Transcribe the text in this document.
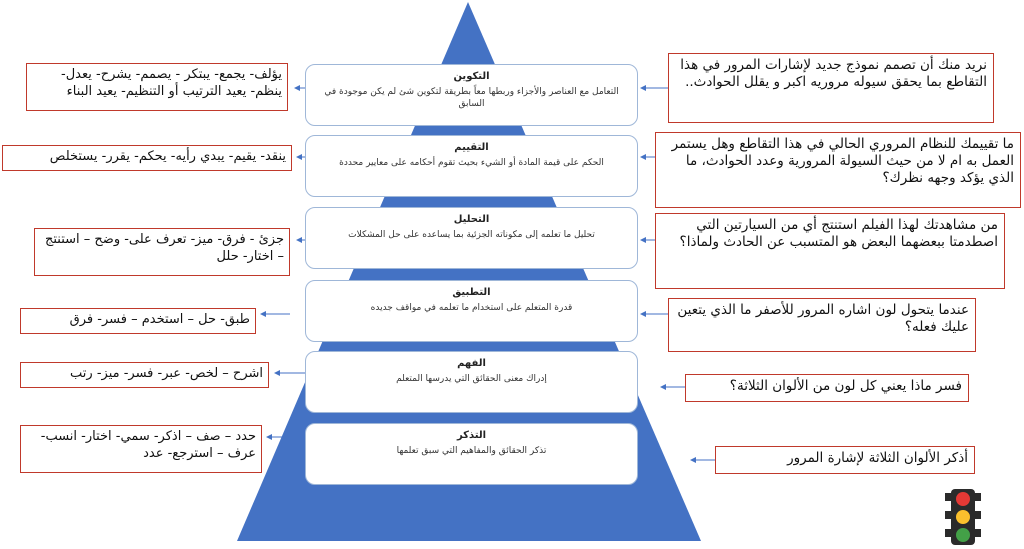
التكوين
التعامل مع العناصر والأجزاء وربطها معاً بطريقة لتكوين شئ لم يكن موجودة في السابق
التقييم
الحكم على قيمة المادة أو الشيء بحيث تقوم أحكامه على معايير محددة
التحليل
تحليل ما تعلمه إلى مكوناته الجزئية بما يساعده على حل المشكلات
التطبيق
قدرة المتعلم على استخدام ما تعلمه في مواقف جديده
الفهم
إدراك معنى الحقائق التي يدرسها المتعلم
التذكر
تذكر الحقائق والمفاهيم التي سبق تعلمها
يؤلف- يجمع- يبتكر - يصمم- يشرح- يعدل- ينظم- يعيد الترتيب أو التنظيم- يعيد البناء
ينقد- يقيم- يبدي رأيه- يحكم- يقرر- يستخلص
جزئ - فرق- ميز- تعرف على- وضح – استنتج – اختار- حلل
طبق- حل – استخدم – فسر- فرق
اشرح – لخص- عبر- فسر- ميز- رتب
حدد – صف – اذكر- سمي- اختار- انسب- عرف – استرجع- عدد
نريد منك أن تصمم نموذج جديد لإشارات المرور في هذا التقاطع بما يحقق سيوله مروريه اكبر و يقلل الحوادث..
ما تقييمك للنظام المروري الحالي في هذا التقاطع وهل يستمر العمل به ام لا من حيث السيولة المرورية وعدد الحوادث، ما الذي يؤكد وجهه نظرك؟
من مشاهدتك لهذا الفيلم استنتج أي من السيارتين التي اصطدمتا ببعضهما البعض هو المتسبب عن الحادث ولماذا؟
عندما يتحول لون اشاره المرور للأصفر ما الذي يتعين عليك فعله؟
فسر ماذا يعني كل لون من الألوان الثلاثة؟
أذكر الألوان الثلاثة لإشارة المرور
